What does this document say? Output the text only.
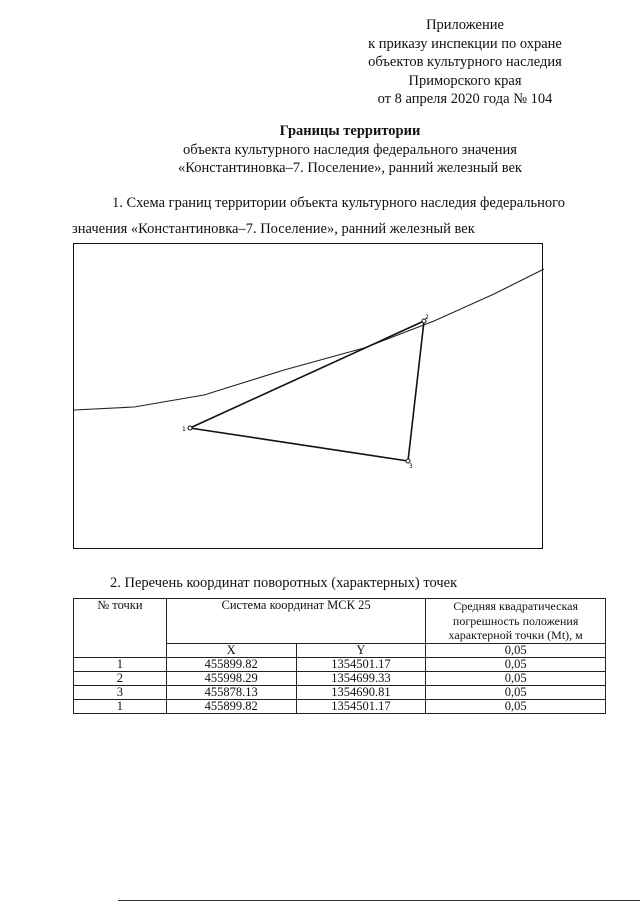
Приложение
к приказу инспекции по охране
объектов культурного наследия
Приморского края
от 8 апреля 2020 года № 104
Границы территории
объекта культурного наследия федерального значения
«Константиновка–7. Поселение», ранний железный век
1. Схема границ территории объекта культурного наследия федерального
значения «Константиновка–7. Поселение», ранний железный век
1
2
3
2. Перечень координат поворотных (характерных) точек
№ точки	Система координат МСК 25		Средняя квадратическая
погрешность положения
характерной точки (Mt), м

	X	Y	0,05
1	455899.82	1354501.17	0,05
2	455998.29	1354699.33	0,05
3	455878.13	1354690.81	0,05
1	455899.82	1354501.17	0,05
